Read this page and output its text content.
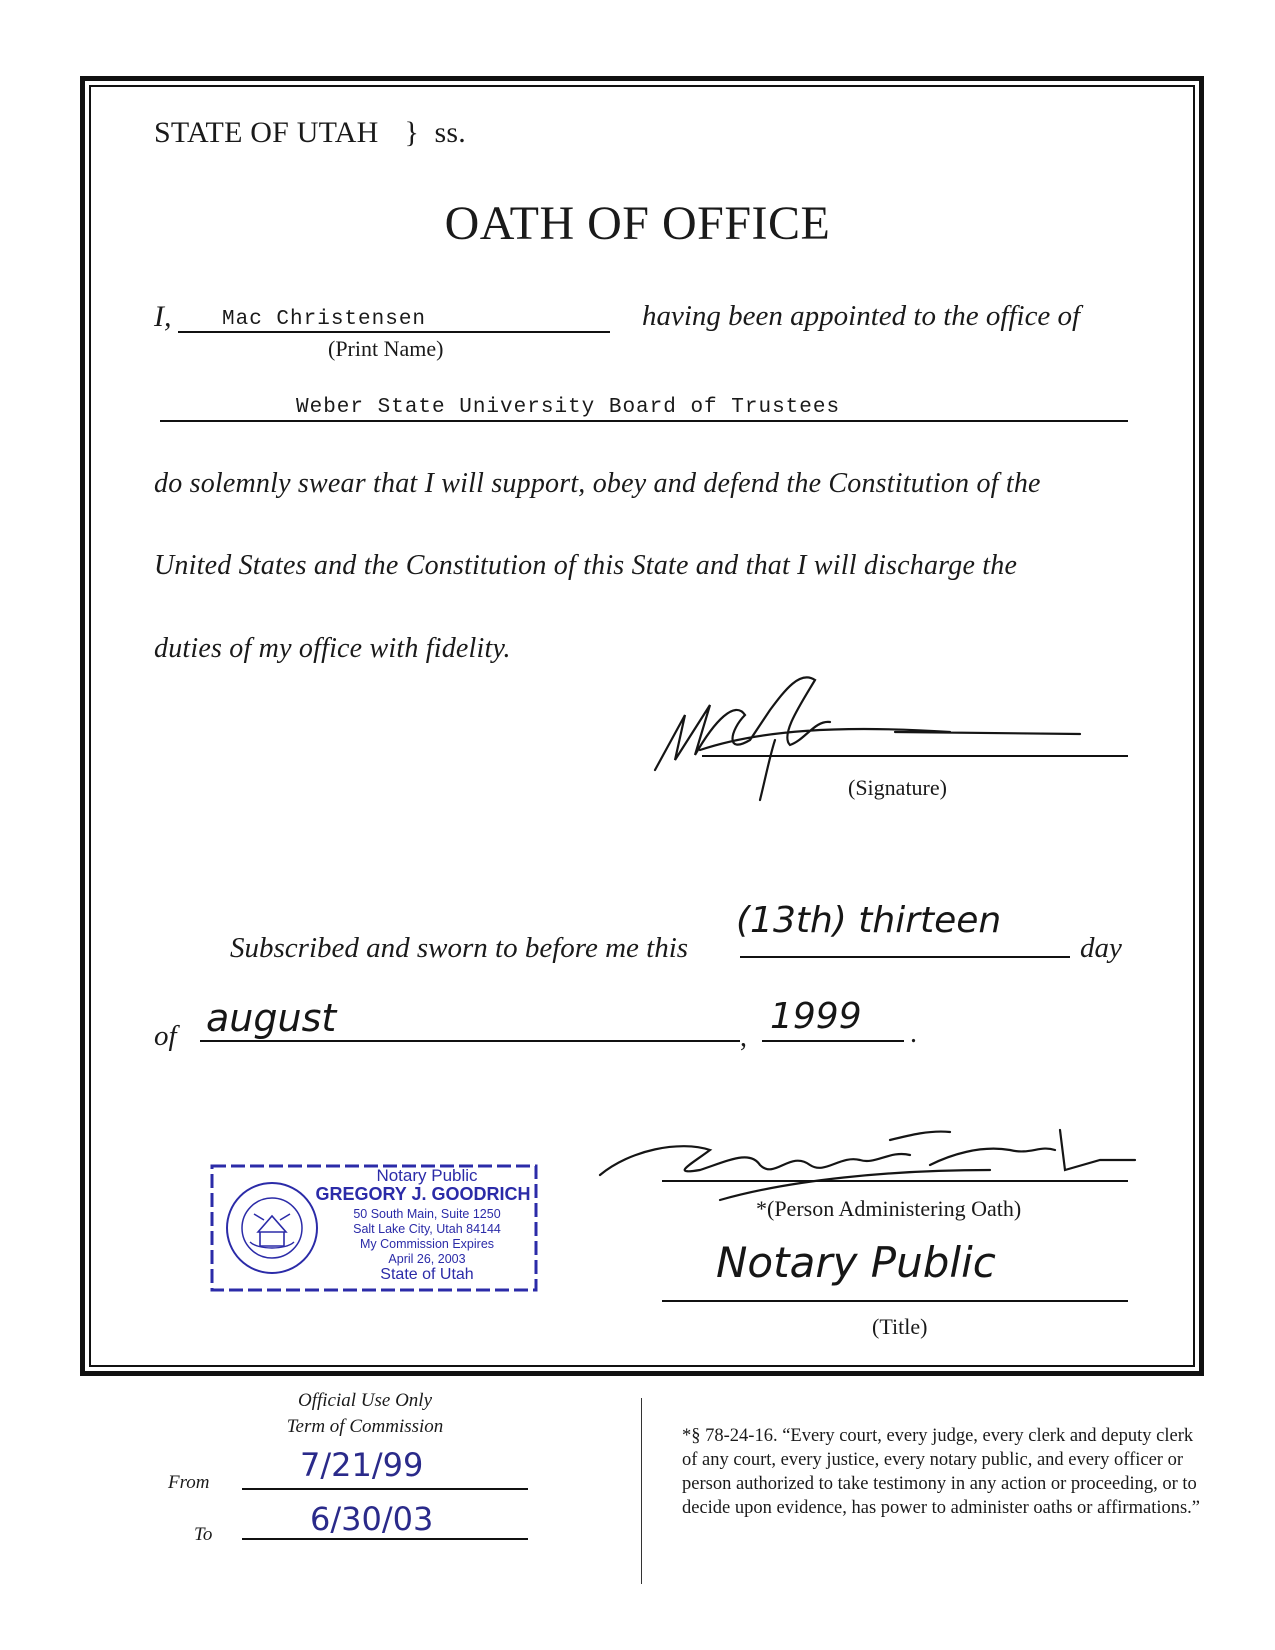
STATE OF UTAH } ss.
OATH OF OFFICE
I, Mac Christensen
(Print Name)
having been appointed to the office of
Weber State University Board of Trustees
do solemnly swear that I will support, obey and defend the Constitution of the
United States and the Constitution of this State and that I will discharge the
duties of my office with fidelity.
(Signature)
Subscribed and sworn to before me this
(13th) thirteen
day
of august	,
1999 .
*(Person Administering Oath)
Notary Public
(Title)
Notary Public
GREGORY J. GOODRICH
50 South Main, Suite 1250
Salt Lake City, Utah 84144
My Commission Expires
April 26, 2003
State of Utah
Official Use Only
Term of Commission
From	7/21/99
To	6/30/03
*§ 78-24-16. “Every court, every judge, every clerk and deputy clerk of any court, every justice, every notary public, and every officer or person authorized to take testimony in any action or proceeding, or to decide upon evidence, has power to administer oaths or affirmations.”
